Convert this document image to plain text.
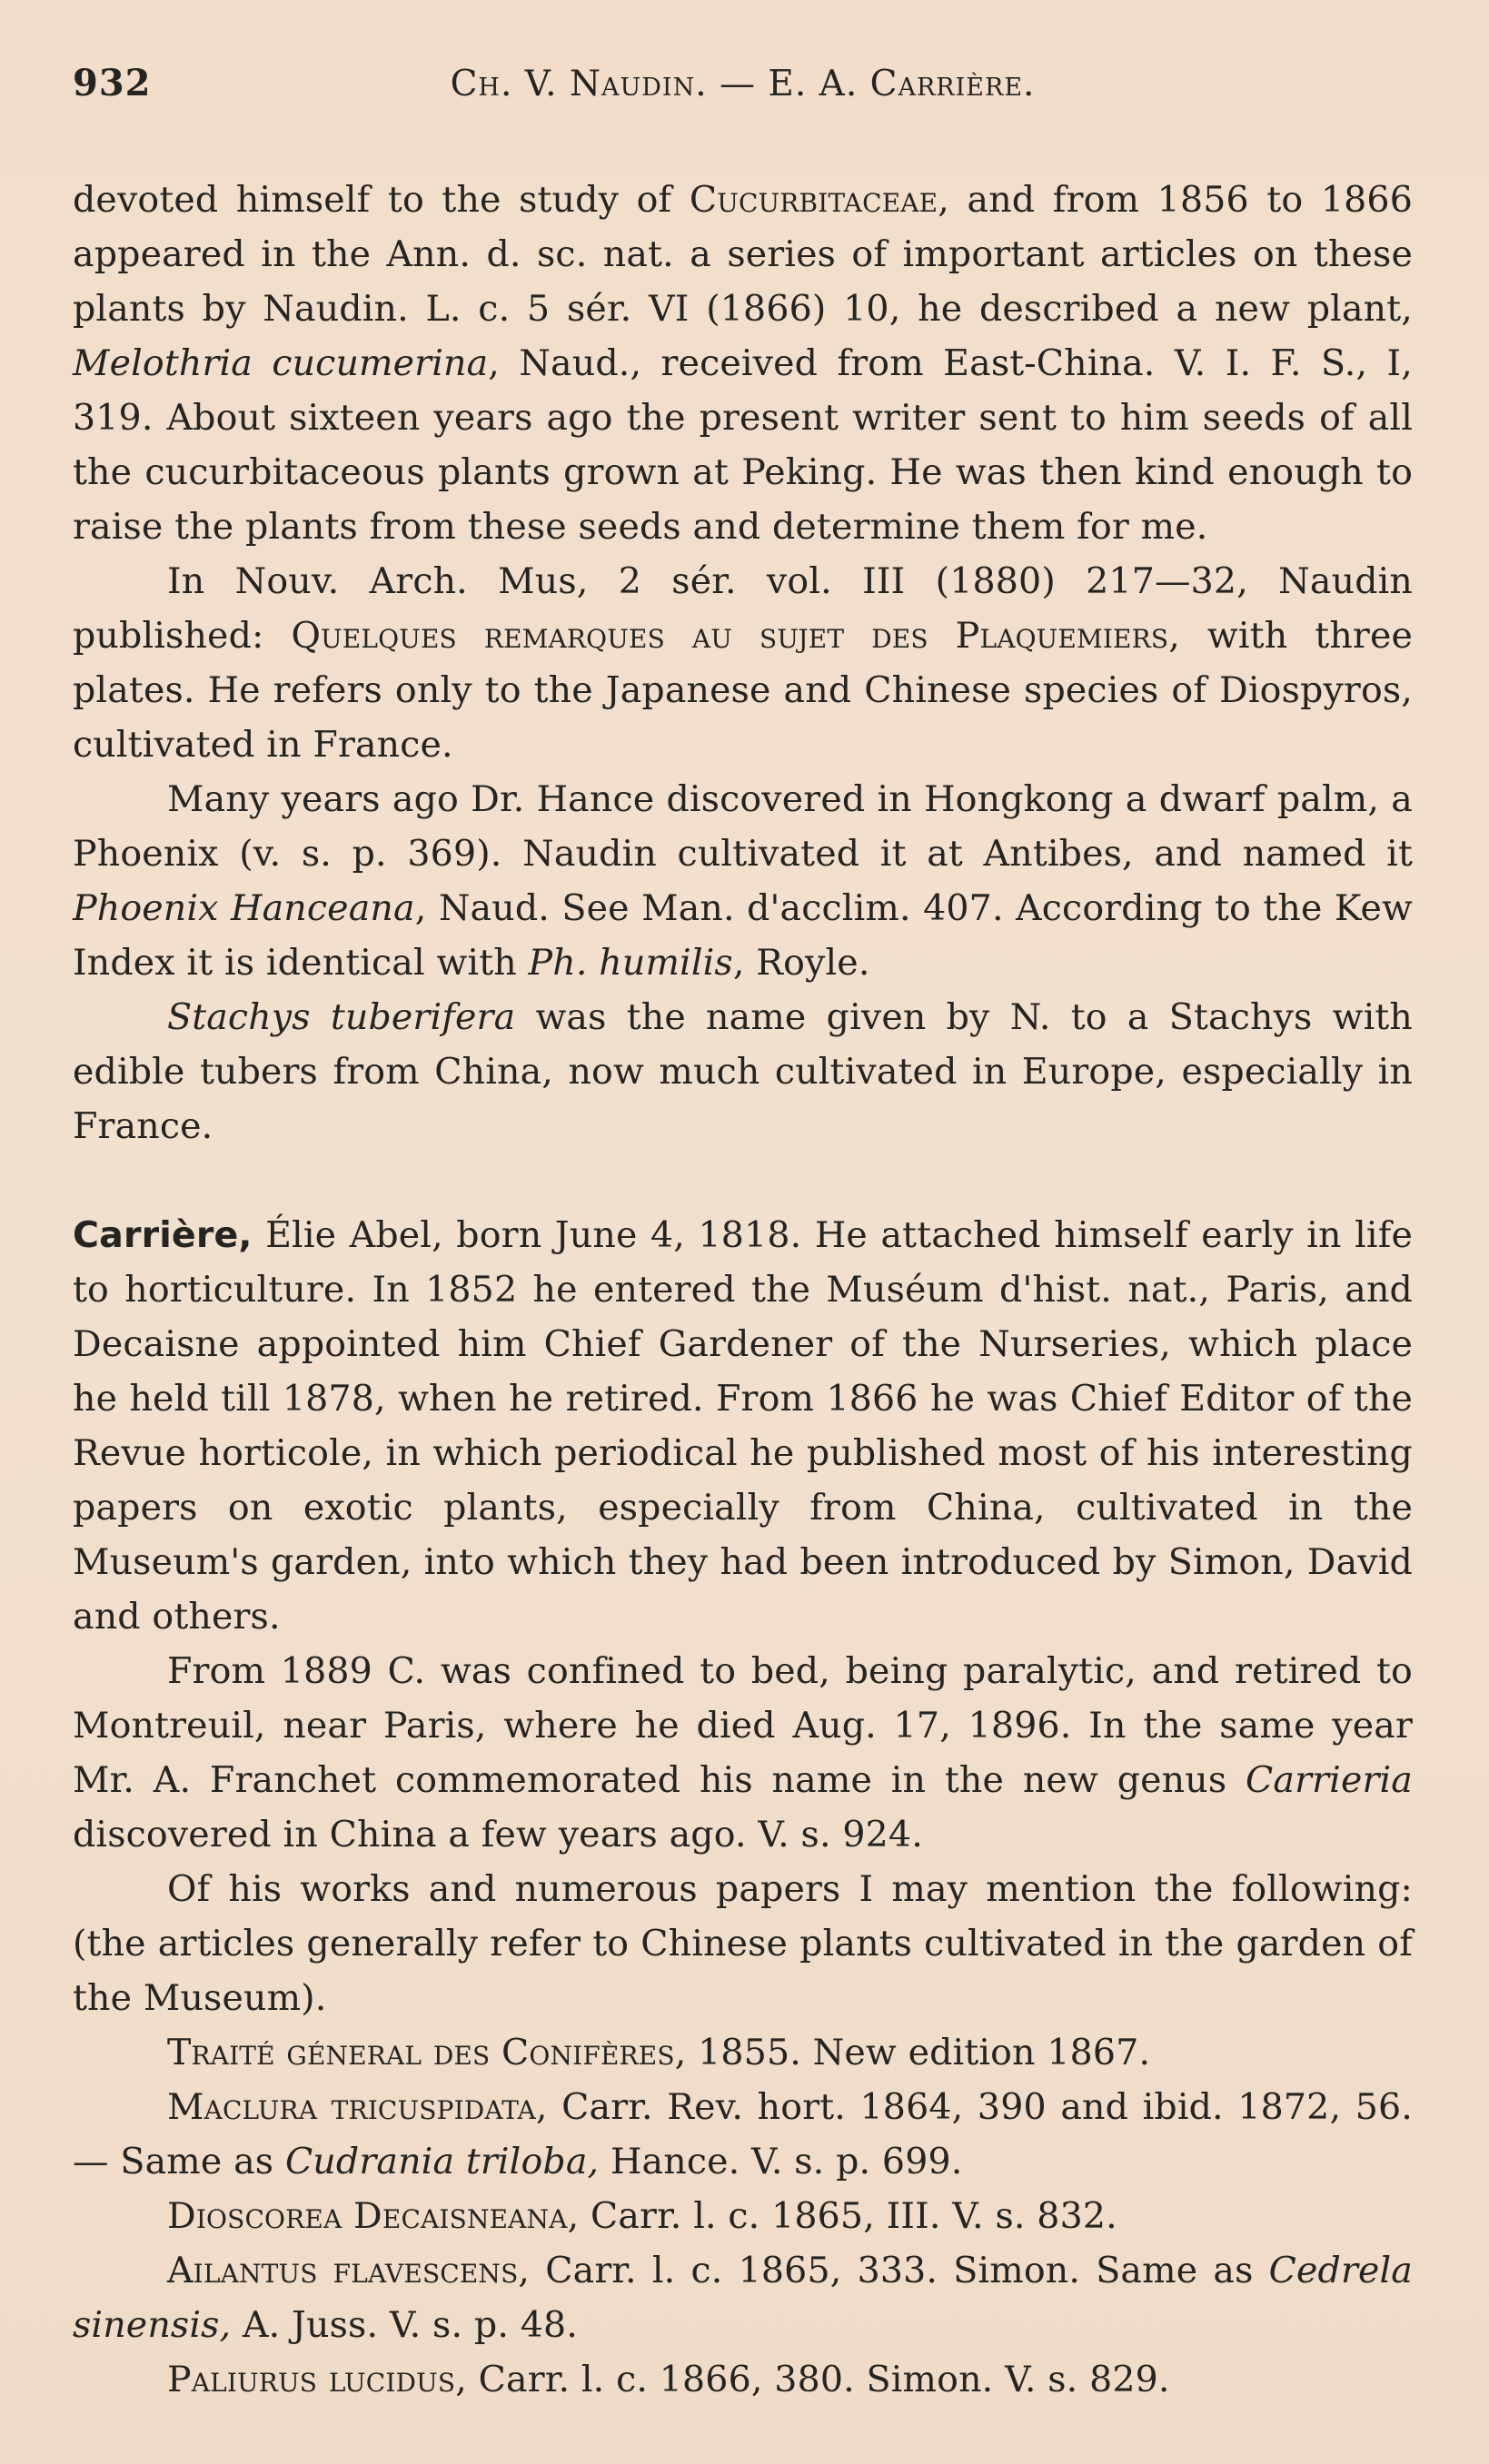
932	Ch. V. Naudin. — E. A. Carrière.

devoted himself to the study of Cucurbitaceae, and from 1856 to 1866 appeared in the Ann. d. sc. nat. a series of important articles on these plants by Naudin. L. c. 5 sér. VI (1866) 10, he described a new plant, Melothria cucumerina, Naud., received from East-China. V. I. F. S., I, 319. About sixteen years ago the present writer sent to him seeds of all the cucurbitaceous plants grown at Peking. He was then kind enough to raise the plants from these seeds and determine them for me.

In Nouv. Arch. Mus, 2 sér. vol. III (1880) 217—32, Naudin published: Quelques remarques au sujet des Plaquemiers, with three plates. He refers only to the Japanese and Chinese species of Diospyros, cultivated in France.

Many years ago Dr. Hance discovered in Hongkong a dwarf palm, a Phoenix (v. s. p. 369). Naudin cultivated it at Antibes, and named it Phoenix Hanceana, Naud. See Man. d'acclim. 407. According to the Kew Index it is identical with Ph. humilis, Royle.

Stachys tuberifera was the name given by N. to a Stachys with edible tubers from China, now much cultivated in Europe, especially in France.

Carrière, Élie Abel, born June 4, 1818. He attached himself early in life to horticulture. In 1852 he entered the Muséum d'hist. nat., Paris, and Decaisne appointed him Chief Gardener of the Nurseries, which place he held till 1878, when he retired. From 1866 he was Chief Editor of the Revue horticole, in which periodical he published most of his interesting papers on exotic plants, especially from China, cultivated in the Museum's garden, into which they had been introduced by Simon, David and others.

From 1889 C. was confined to bed, being paralytic, and retired to Montreuil, near Paris, where he died Aug. 17, 1896. In the same year Mr. A. Franchet commemorated his name in the new genus Carrieria discovered in China a few years ago. V. s. 924.

Of his works and numerous papers I may mention the following: (the articles generally refer to Chinese plants cultivated in the garden of the Museum).

Traité géneral des Conifères, 1855. New edition 1867.

Maclura tricuspidata, Carr. Rev. hort. 1864, 390 and ibid. 1872, 56. — Same as Cudrania triloba, Hance. V. s. p. 699.

Dioscorea Decaisneana, Carr. l. c. 1865, III. V. s. 832.

Ailantus flavescens, Carr. l. c. 1865, 333. Simon. Same as Cedrela sinensis, A. Juss. V. s. p. 48.

Paliurus lucidus, Carr. l. c. 1866, 380. Simon. V. s. 829.
